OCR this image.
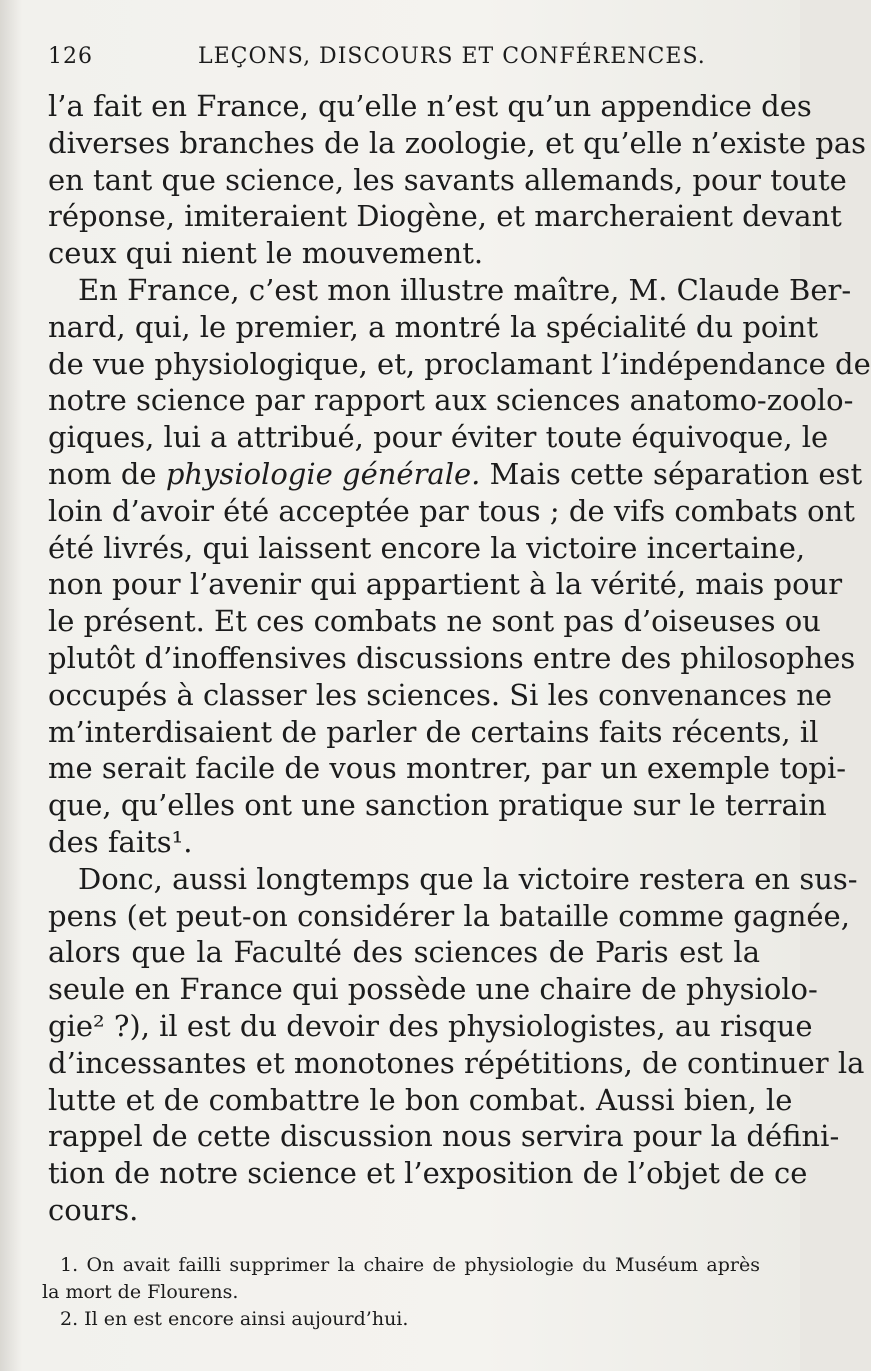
126	LEÇONS, DISCOURS ET CONFÉRENCES.
l’a fait en France, qu’elle n’est qu’un appendice des
diverses branches de la zoologie, et qu’elle n’existe pas
en tant que science, les savants allemands, pour toute
réponse, imiteraient Diogène, et marcheraient devant
ceux qui nient le mouvement.
En France, c’est mon illustre maître, M. Claude Ber-
nard, qui, le premier, a montré la spécialité du point
de vue physiologique, et, proclamant l’indépendance de
notre science par rapport aux sciences anatomo-zoolo-
giques, lui a attribué, pour éviter toute équivoque, le
nom de physiologie générale. Mais cette séparation est
loin d’avoir été acceptée par tous ; de vifs combats ont
été livrés, qui laissent encore la victoire incertaine,
non pour l’avenir qui appartient à la vérité, mais pour
le présent. Et ces combats ne sont pas d’oiseuses ou
plutôt d’inoffensives discussions entre des philosophes
occupés à classer les sciences. Si les convenances ne
m’interdisaient de parler de certains faits récents, il
me serait facile de vous montrer, par un exemple topi-
que, qu’elles ont une sanction pratique sur le terrain
des faits¹.
Donc, aussi longtemps que la victoire restera en sus-
pens (et peut-on considérer la bataille comme gagnée,
alors que la Faculté des sciences de Paris est la
seule en France qui possède une chaire de physiolo-
gie² ?), il est du devoir des physiologistes, au risque
d’incessantes et monotones répétitions, de continuer la
lutte et de combattre le bon combat. Aussi bien, le
rappel de cette discussion nous servira pour la défini-
tion de notre science et l’exposition de l’objet de ce
cours.
1. On avait failli supprimer la chaire de physiologie du Muséum après
la mort de Flourens.
2. Il en est encore ainsi aujourd’hui.
